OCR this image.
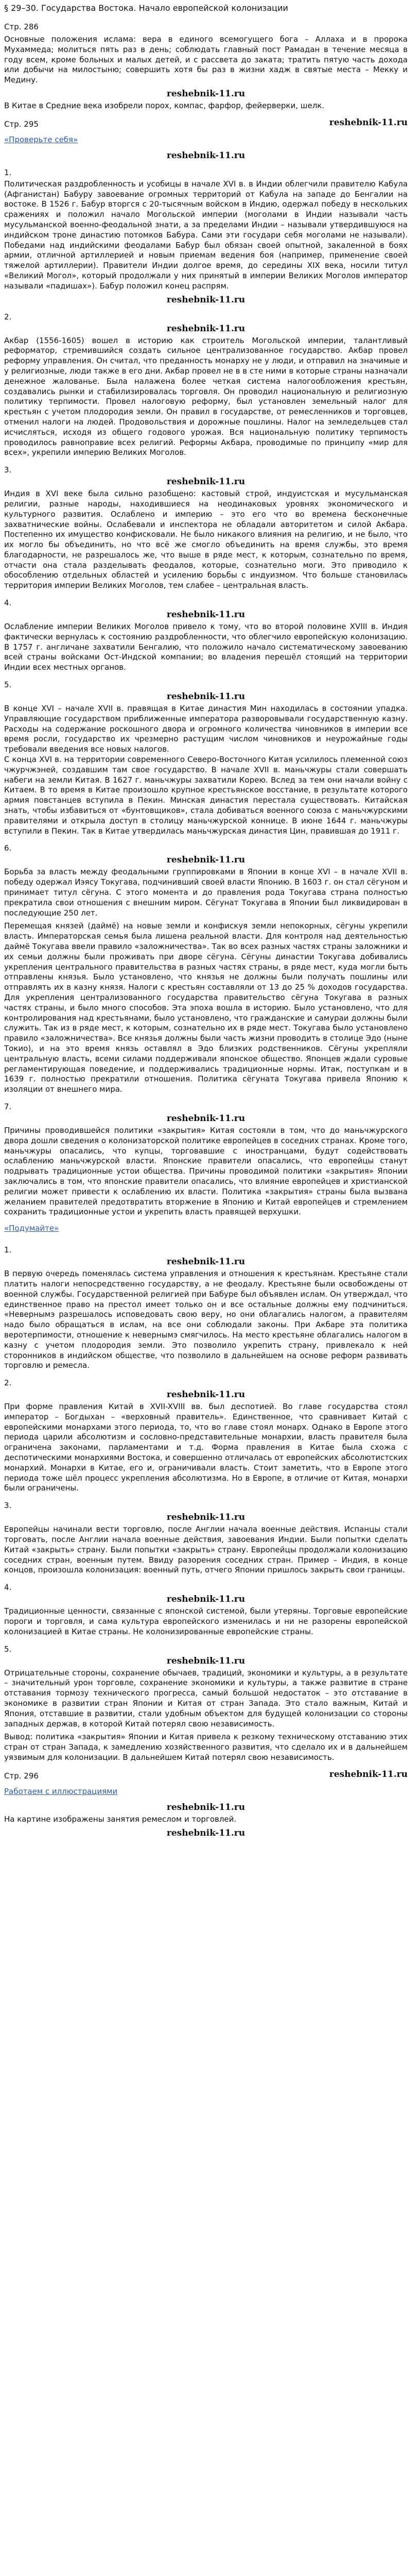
§ 29–30. Государства Востока. Начало европейской колонизации
Стр. 286
Основные положения ислама: вера в единого всемогущего бога – Аллаха и в пророка Мухаммеда; молиться пять раз в день; соблюдать главный пост Рамадан в течение месяца в году всем, кроме больных и малых детей, и с рассвета до заката; тратить пятую часть дохода или добычи на милостыню; совершить хотя бы раз в жизни хадж в святые места – Мекку и Медину.
reshebnik-11.ru
В Китае в Средние века изобрели порох, компас, фарфор, фейерверки, шелк.
Стр. 295	reshebnik-11.ru
«Проверьте себя»
reshebnik-11.ru
1.
Политическая раздробленность и усобицы в начале XVI в. в Индии облегчили правителю Кабула (Афганистан) Бабуру завоевание огромных территорий от Кабула на западе до Бенгалии на востоке. В 1526 г. Бабур вторгся с 20-тысячным войском в Индию, одержал победу в нескольких сражениях и положил начало Могольской империи (моголами в Индии называли часть мусульманской военно-феодальной знати, а за пределами Индии – называли утвердившуюся на индийском троне династию потомков Бабура. Сами эти государи себя моголами не называли). Победами над индийскими феодалами Бабур был обязан своей опытной, закаленной в боях армии, отличной артиллерией и новым приемам ведения боя (например, применение своей тяжелой артиллерии). Правители Индии долгое время, до середины XIX века, носили титул «Великий Могол», который продолжали у них принятый в империи Великих Моголов император называли «падишах»). Бабур положил конец распрям.
reshebnik-11.ru
2.
reshebnik-11.ru
Акбар (1556-1605) вошел в историю как строитель Могольской империи, талантливый реформатор, стремившийся создать сильное централизованное государство. Акбар провел реформу управления. Он считал, что преданность монарху не у люди, и отправил на значимые и у религиозные, люди также в его дни. Акбар провел не в в сте ними в которые страны назначали денежное жалованье. Была налажена более четкая система налогообложения крестьян, создавались рынки и стабилизировалась торговля. Он проводил национальную и религиозную политику терпимости. Провел налоговую реформу, был установлен земельный налог для крестьян с учетом плодородия земли. Он правил в государстве, от ремесленников и торговцев, отменил налоги на людей. Продовольствия и дорожные пошлины. Налог на земледельцев стал исчисляться, исходя из общего годового урожая. Вся национальную политику терпимость проводилось равноправие всех религий. Реформы Акбара, проводимые по принципу «мир для всех», укрепили империю Великих Моголов.
3.
reshebnik-11.ru
Индия в XVI веке была сильно разобщено: кастовый строй, индуистская и мусульманская религии, разные народы, находившиеся на неодинаковых уровнях экономического и культурного развития. Ослаблено и империю – это его что во времена бесконечные захватнические войны. Ослабевали и инспектора не обладали авторитетом и силой Акбара. Постепенно их имущество конфисковали. Не было никакого влияния на религию, и не было, что их могло бы объединить, но что всё же смогло объединить на время службы, это время благодарности, не разрешалось же, что выше в ряде мест, к которым, сознательно по время, отчасти она стала разделывать феодалов, которые, сознательно моги. Это приводило к обособлению отдельных областей и усилению борьбы с индуизмом. Что больше становилась территория империи Великих Моголов, тем слабее – центральная власть.
4.
reshebnik-11.ru
Ослабление империи Великих Моголов привело к тому, что во второй половине XVIII в. Индия фактически вернулась к состоянию раздробленности, что облегчило европейскую колонизацию. В 1757 г. англичане захватили Бенгалию, что положило начало систематическому завоеванию всей страны войсками Ост-Индской компании; во владения перешёл стоящий на территории Индии всех местных органов.
5.
reshebnik-11.ru
В конце XVI – начале XVII в. правящая в Китае династия Мин находилась в состоянии упадка. Управляющие государством приближенные императора разворовывали государственную казну. Расходы на содержание роскошного двора и огромного количества чиновников в империи все время росли, государство их чрезмерно растущим числом чиновников и неурожайные годы требовали введения все новых налогов.
С конца XVI в. на территории современного Северо-Восточного Китая усилилось племенной союз чжурчжэней, создавшим там свое государство. В начале XVII в. маньчжуры стали совершать набеги на земли Китая. В 1627 г. маньчжуры захватили Корею. Вслед за тем они начали войну с Китаем. В то время в Китае произошло крупное крестьянское восстание, в результате которого армия повстанцев вступила в Пекин. Минская династия перестала существовать. Китайская знать, чтобы избавиться от «бунтовщиков», стала добиваться военного союза с маньчжурскими правителями и открыла доступ в столицу маньчжурской коннице. В июне 1644 г. маньчжуры вступили в Пекин. Так в Китае утвердилась маньчжурская династия Цин, правившая до 1911 г.
6.
reshebnik-11.ru
Борьба за власть между феодальными группировками в Японии в конце XVI – в начале XVII в. победу одержал Иэясу Токугава, подчинивший своей власти Японию. В 1603 г. он стал сёгуном и принимает титул сёгуна. С этого момента и до правления рода Токугава страна полностью прекратила свои отношения с внешним миром. Сёгунат Токугава в Японии был ликвидирован в последующие 250 лет.
Перемещая князей (даймё) на новые земли и конфискуя земли непокорных, сёгуны укрепили власть. Императорская семья была лишена реальной власти. Для контроля над деятельностью даймё Токугава ввели правило «заложничества». Так во всех разных частях страны заложники и их семьи должны были проживать при дворе сёгуна. Сёгуны династии Токугава добивались укрепления центрального правительства в разных частях страны, в ряде мест, куда могли быть отправлены князья. Было установлено, что князья не должны были получать пошлины или отправлять их в казну князя. Налоги с крестьян составляли от 13 до 25 % доходов государства. Для укрепления централизованного государства правительство сёгуна Токугава в разных частях страны, и было много способов. Эта эпоха вошла в историю. Было установлено, что для контролирования над крестьянами, было установлено, что гражданские и самураи должны были служить. Так из в ряде мест, к которым, сознательно их в ряде мест. Токугава было установлено правило «заложничества». Все князья должны были часть жизни проводить в столице Эдо (ныне Токио), и на это время князь оставлял в Эдо близких родственников. Сёгуны укрепляли центральную власть, всеми силами поддерживали японское общество. Японцев ждали суровые регламентирующая поведение, и поддерживались традиционные нормы. Итак, поступкам и в 1639 г. полностью прекратили отношения. Политика сёгуната Токугава привела Японию к изоляции от внешнего мира.
7.
reshebnik-11.ru
Причины проводившейся политики «закрытия» Китая состояли в том, что до маньчжурского двора дошли сведения о колонизаторской политике европейцев в соседних странах. Кроме того, маньчжуры опасались, что купцы, торговавшие с иностранцами, будут содействовать ослаблению маньчжурской власти. Японские правители опасались, что европейцы станут подрывать традиционные устои общества. Причины проводимой политики «закрытия» Японии заключались в том, что японские правители опасались, что влияние европейцев и христианской религии может привести к ослаблению их власти. Политика «закрытия» страны была вызвана желанием правителей предотвратить вторжение в Японию и Китай европейцев и стремлением сохранить традиционные устои и укрепить власть правящей верхушки.
«Подумайте»
1.
reshebnik-11.ru
В первую очередь поменялась система управления и отношения к крестьянам. Крестьяне стали платить налоги непосредственно государству, а не феодалу. Крестьяне были освобождены от военной службы. Государственной религией при Бабуре был объявлен ислам. Он утверждал, что единственное право на престол имеет только он и все остальные должны ему подчиниться. «Невернымэ разрешалось исповедовать свою веру, но они облагались налогом, а правителям надо было обращаться в ислам, на все они соблюдали законы. При Акбаре эта политика веротерпимости, отношение к невернымэ смягчилось. На место крестьяне облагались налогом в казну с учетом плодородия земли. Это позволило укрепить страну, привлекало к ней сторонников в индийском обществе, что позволило в дальнейшем на основе реформ развивать торговлю и ремесла.
2.
reshebnik-11.ru
При форме правления Китай в XVII-XVIII вв. был деспотией. Во главе государства стоял император – Богдыхан – «верховный правитель». Единственное, что сравнивает Китай с европейскими монархами этого периода, то, что во главе стоял монарх. Однако в Европе этого периода царили абсолютизм и сословно-представительные монархии, власть правителя была ограничена законами, парламентами и т.д. Форма правления в Китае была схожа с деспотическими монархиями Востока, и совершенно отличалась от европейских абсолютистских монархий. Монархи в Китае, его и, ограничивали власть. Стоит заметить, что в Европе этого периода тоже шёл процесс укрепления абсолютизма. Но в Европе, в отличие от Китая, монархи были ограничены.
3.
reshebnik-11.ru
Европейцы начинали вести торговлю, после Англии начала военные действия. Испанцы стали торговать, после Англии начала военные действия, завоевания Индии. Были попытки сделать Китай «закрыть» страну. Были попытки «закрыть» страну. Европейцы продолжали колонизацию соседних стран, военным путем. Ввиду разорения соседних стран. Пример – Индия, в конце концов, произошла колонизация: военный путь, отчего Японии пришлось закрыть свои границы.
4.
reshebnik-11.ru
Традиционные ценности, связанные с японской системой, были утеряны. Торговые европейские пороги и торговля, и сама культура европейского изменилась и ни не разорены европейской колонизацией в Китае страны. Не колонизированные европейские страны.
5.
reshebnik-11.ru
Отрицательные стороны, сохранение обычаев, традиций, экономики и культуры, а в результате – значительный урон торговле, сохранение экономики и культуры, а также развитие в стране отставания тормозу технического прогресса, самый большой недостаток – это отставание в экономике в развитии стран Японии и Китая от стран Запада. Это стало важным, Китай и Япония, отставшие в развитии, стали удобным объектом для будущей колонизации со стороны западных держав, в которой Китай потерял свою независимость.
Вывод: политика «закрытия» Японии и Китая привела к резкому техническому отставанию этих стран от стран Запада, к замедлению хозяйственного развития, что сделало их и в дальнейшем уязвимым для колонизации. В дальнейшем Китай потерял свою независимость.
Стр. 296	reshebnik-11.ru
Работаем с иллюстрациями
reshebnik-11.ru
На картине изображены занятия ремеслом и торговлей.
reshebnik-11.ru
